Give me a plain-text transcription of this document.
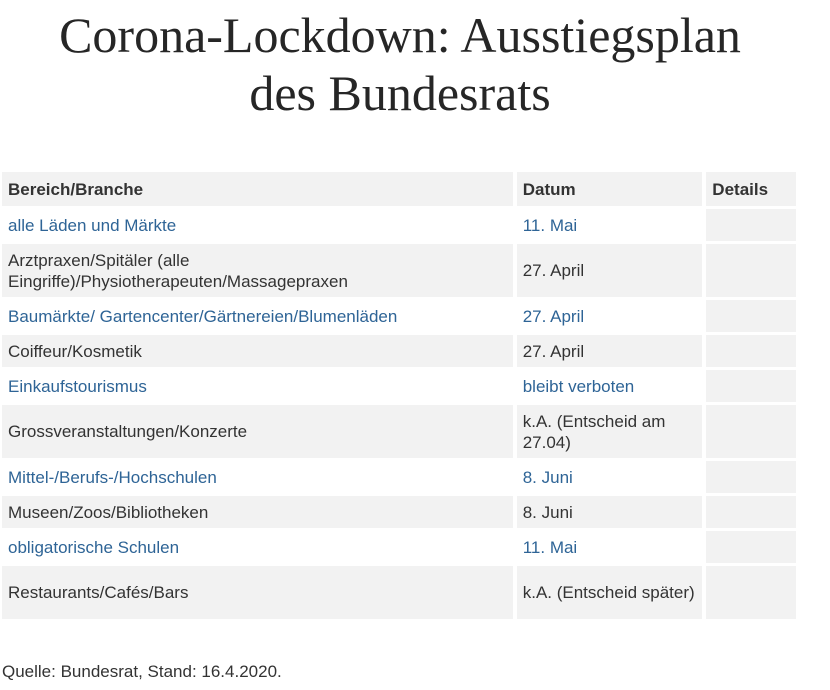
Corona-Lockdown: Ausstiegsplan
des Bundesrats
Bereich/Branche	Datum	Details
alle Läden und Märkte	11. Mai	
Arztpraxen/Spitäler (alle Eingriffe)/Physiotherapeuten/Massagepraxen	27. April	
Baumärkte/ Gartencenter/Gärtnereien/Blumenläden	27. April	
Coiffeur/Kosmetik	27. April	
Einkaufstourismus	bleibt verboten	
Grossveranstaltungen/Konzerte	k.A. (Entscheid am 27.04)	
Mittel-/Berufs-/Hochschulen	8. Juni	
Museen/Zoos/Bibliotheken	8. Juni	
obligatorische Schulen	11. Mai	
Restaurants/Cafés/Bars	k.A. (Entscheid später)	
Quelle: Bundesrat, Stand: 16.4.2020.
